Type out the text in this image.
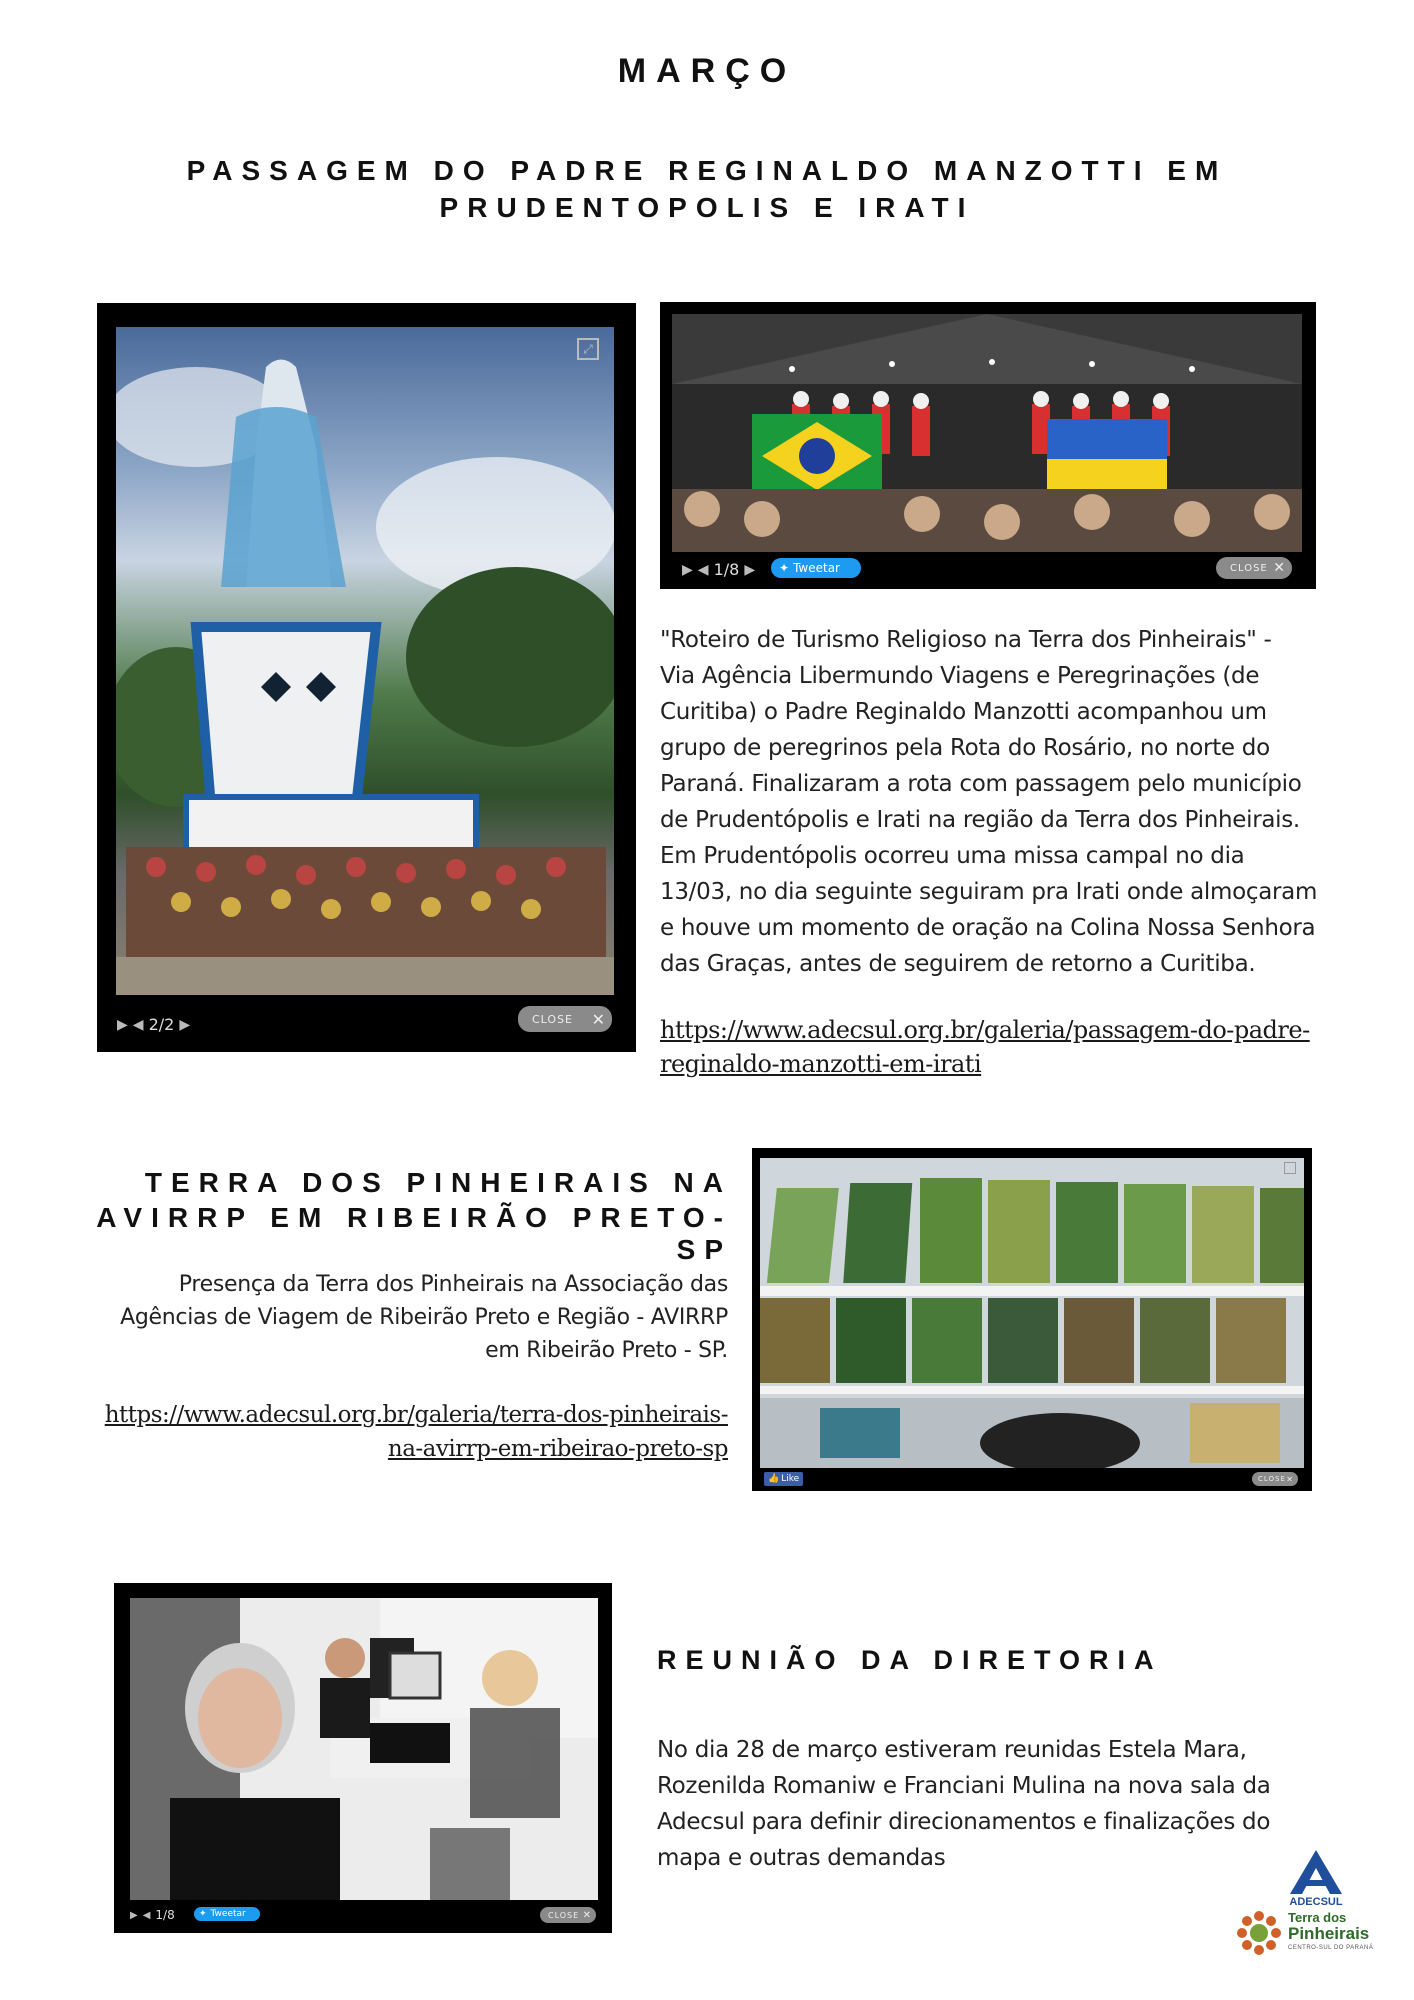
MARÇO
PASSAGEM DO PADRE REGINALDO MANZOTTI EM
PRUDENTOPOLIS E IRATI
⤢
▶ ◀ 2/2 ▶	CLOSE ✕
▶ ◀ 1/8 ▶ ✦ Tweetar	CLOSE ✕
"Roteiro de Turismo Religioso na Terra dos Pinheirais" -
Via Agência Libermundo Viagens e Peregrinações (de
Curitiba) o Padre Reginaldo Manzotti acompanhou um
grupo de peregrinos pela Rota do Rosário, no norte do
Paraná. Finalizaram a rota com passagem pelo município
de Prudentópolis e Irati na região da Terra dos Pinheirais.
Em Prudentópolis ocorreu uma missa campal no dia
13/03, no dia seguinte seguiram pra Irati onde almoçaram
e houve um momento de oração na Colina Nossa Senhora
das Graças, antes de seguirem de retorno a Curitiba.
https://www.adecsul.org.br/galeria/passagem-do-padre-
reginaldo-manzotti-em-irati
TERRA DOS PINHEIRAIS NA
AVIRRP EM RIBEIRÃO PRETO-SP
Presença da Terra dos Pinheirais na Associação das
Agências de Viagem de Ribeirão Preto e Região - AVIRRP
em Ribeirão Preto - SP.
https://www.adecsul.org.br/galeria/terra-dos-pinheirais-
na-avirrp-em-ribeirao-preto-sp
👍 Like	CLOSE ✕
▶ ◀ 1/8	✦ Tweetar	CLOSE ✕
REUNIÃO DA DIRETORIA
No dia 28 de março estiveram reunidas Estela Mara,
Rozenilda Romaniw e Franciani Mulina na nova sala da
Adecsul para definir direcionamentos e finalizações do
mapa e outras demandas
ADECSUL
Terra dos
Pinheirais
CENTRO-SUL DO PARANÁ
